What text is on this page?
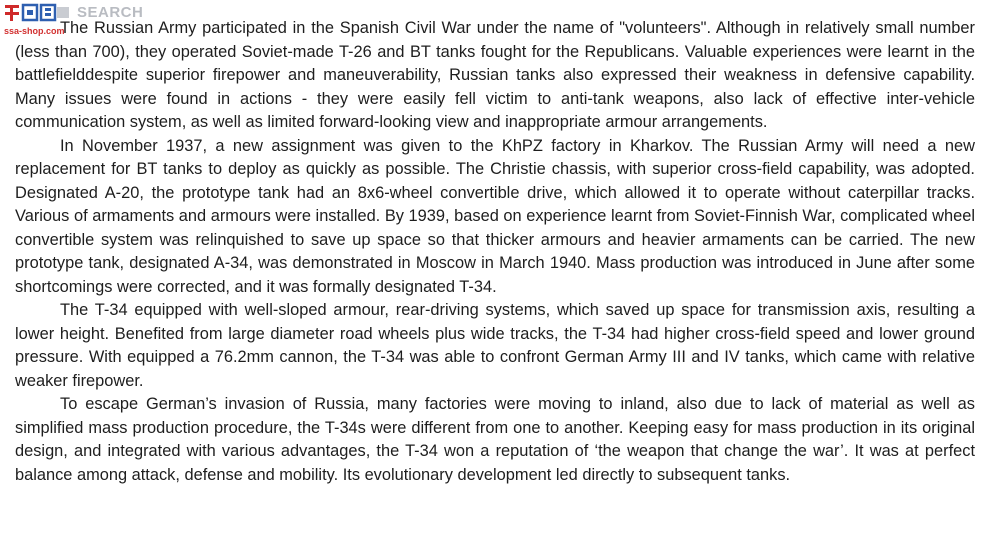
SEARCH
ssa-shop.com

The Russian Army participated in the Spanish Civil War under the name of "volunteers". Although in relatively small number (less than 700), they operated Soviet-made T-26 and BT tanks fought for the Republicans. Valuable experiences were learnt in the battlefielddespite superior firepower and maneuverability, Russian tanks also expressed their weakness in defensive capability. Many issues were found in actions - they were easily fell victim to anti-tank weapons, also lack of effective inter-vehicle communication system, as well as limited forward-looking view and inappropriate armour arrangements.

In November 1937, a new assignment was given to the KhPZ factory in Kharkov. The Russian Army will need a new replacement for BT tanks to deploy as quickly as possible. The Christie chassis, with superior cross-field capability, was adopted. Designated A-20, the prototype tank had an 8x6-wheel convertible drive, which allowed it to operate without caterpillar tracks. Various of armaments and armours were installed. By 1939, based on experience learnt from Soviet-Finnish War, complicated wheel convertible system was relinquished to save up space so that thicker armours and heavier armaments can be carried. The new prototype tank, designated A-34, was demonstrated in Moscow in March 1940. Mass production was introduced in June after some shortcomings were corrected, and it was formally designated T-34.

The T-34 equipped with well-sloped armour, rear-driving systems, which saved up space for transmission axis, resulting a lower height. Benefited from large diameter road wheels plus wide tracks, the T-34 had higher cross-field speed and lower ground pressure. With equipped a 76.2mm cannon, the T-34 was able to confront German Army III and IV tanks, which came with relative weaker firepower.

To escape German’s invasion of Russia, many factories were moving to inland, also due to lack of material as well as simplified mass production procedure, the T-34s were different from one to another. Keeping easy for mass production in its original design, and integrated with various advantages, the T-34 won a reputation of ‘the weapon that change the war’. It was at perfect balance among attack, defense and mobility. Its evolutionary development led directly to subsequent tanks.
